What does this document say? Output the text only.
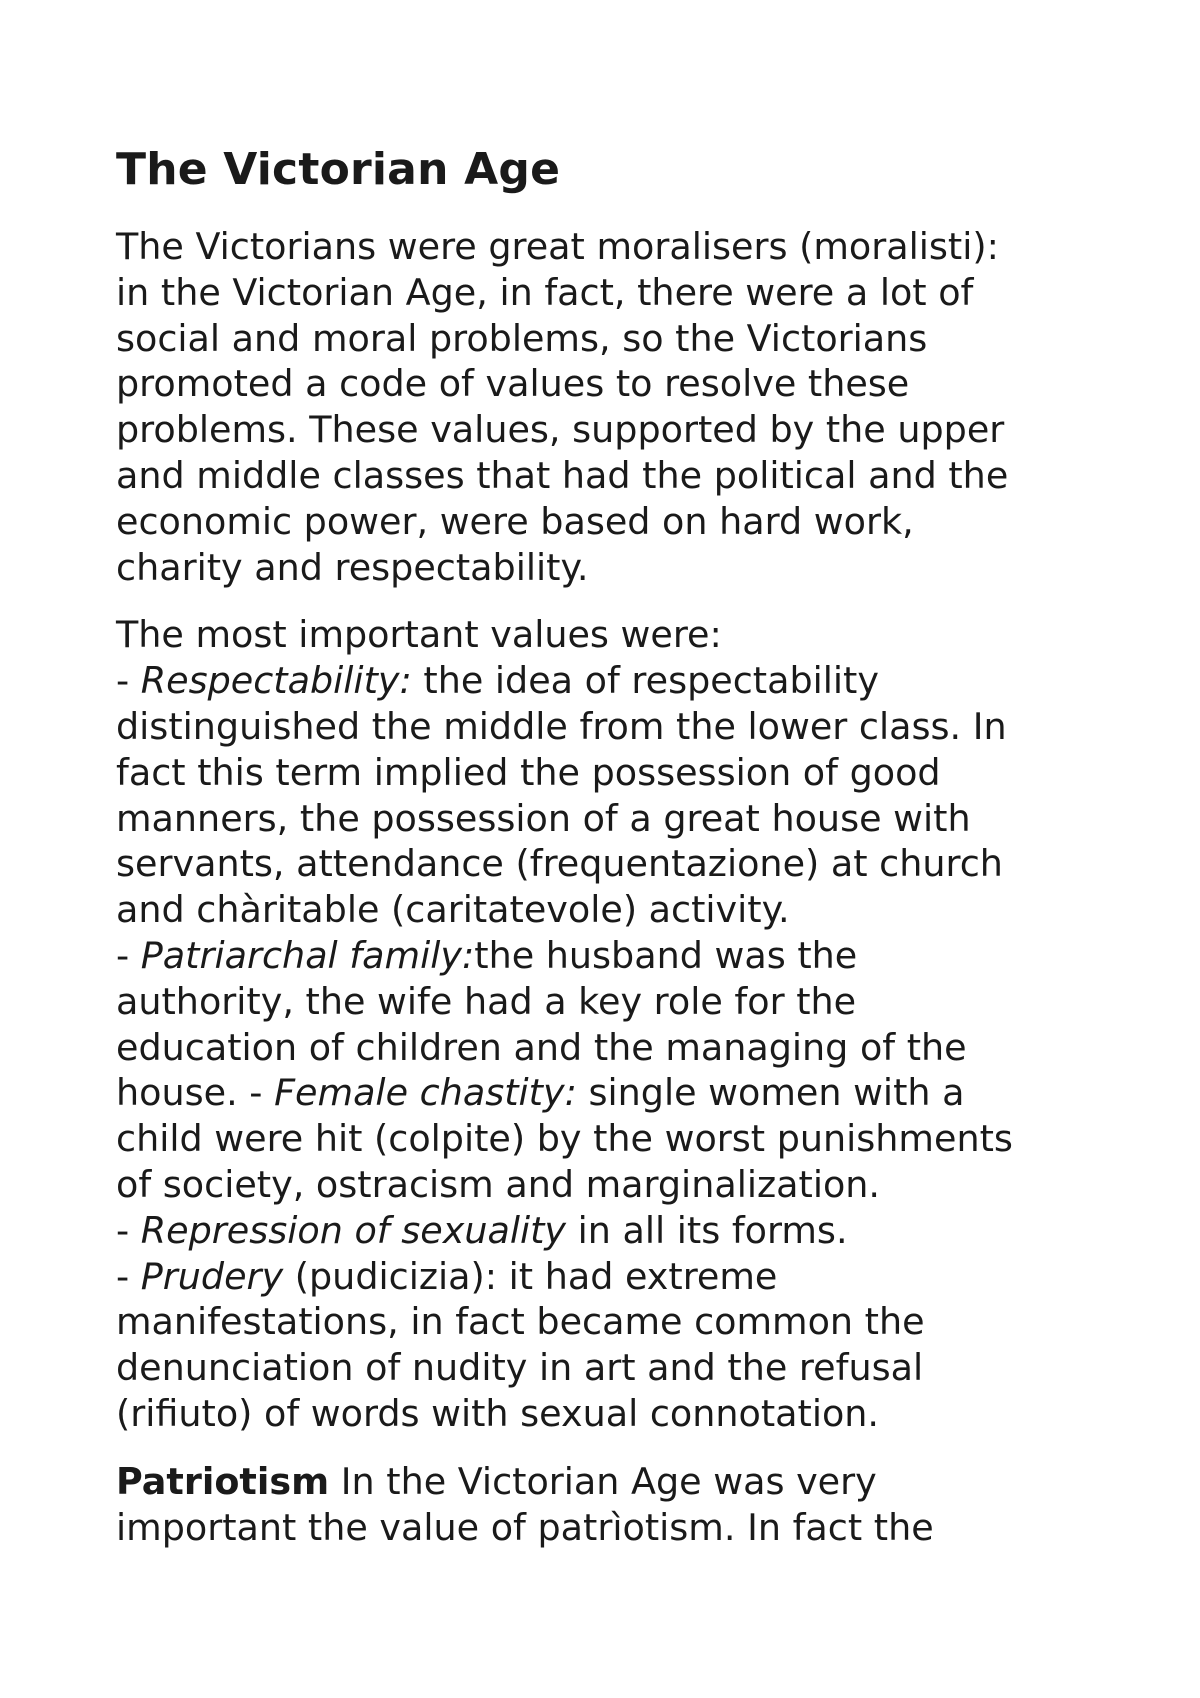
The Victorian Age
The Victorians were great moralisers (moralisti):
in the Victorian Age, in fact, there were a lot of
social and moral problems, so the Victorians
promoted a code of values to resolve these
problems. These values, supported by the upper
and middle classes that had the political and the
economic power, were based on hard work,
charity and respectability.
The most important values were:
- Respectability: the idea of respectability
distinguished the middle from the lower class. In
fact this term implied the possession of good
manners, the possession of a great house with
servants, attendance (frequentazione) at church
and chàritable (caritatevole) activity.
- Patriarchal family:the husband was the
authority, the wife had a key role for the
education of children and the managing of the
house. - Female chastity: single women with a
child were hit (colpite) by the worst punishments
of society, ostracism and marginalization.
- Repression of sexuality in all its forms.
- Prudery (pudicizia): it had extreme
manifestations, in fact became common the
denunciation of nudity in art and the refusal
(rifiuto) of words with sexual connotation.
Patriotism In the Victorian Age was very
important the value of patrìotism. In fact the
